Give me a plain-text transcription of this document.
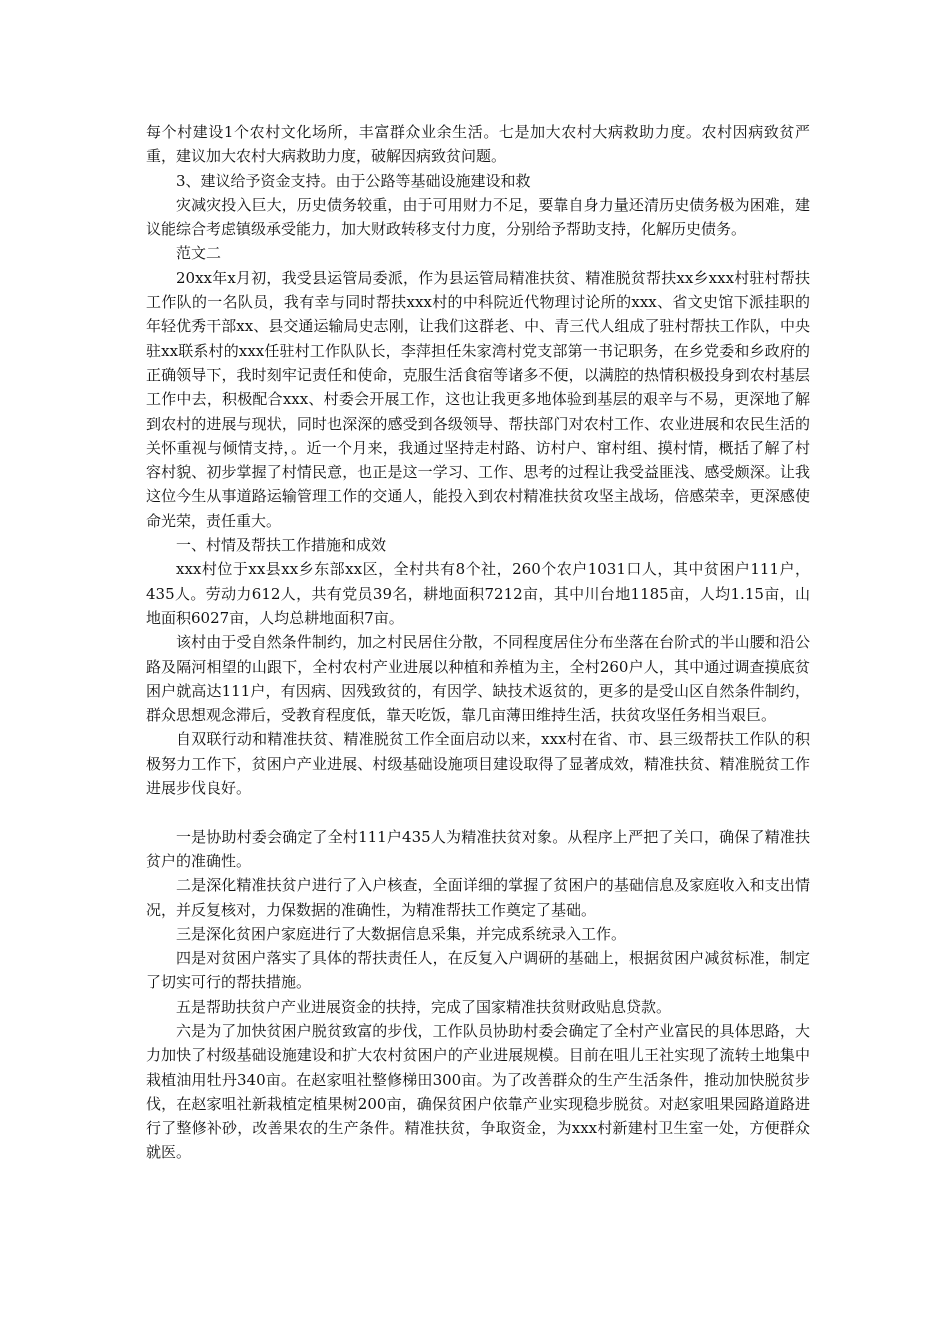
每个村建设1个农村文化场所，丰富群众业余生活。七是加大农村大病救助力度。农村因病致贫严重，建议加大农村大病救助力度，破解因病致贫问题。

3、建议给予资金支持。由于公路等基础设施建设和救

灾减灾投入巨大，历史债务较重，由于可用财力不足，要靠自身力量还清历史债务极为困难，建议能综合考虑镇级承受能力，加大财政转移支付力度，分别给予帮助支持，化解历史债务。

范文二

20xx年x月初，我受县运管局委派，作为县运管局精准扶贫、精准脱贫帮扶xx乡xxx村驻村帮扶工作队的一名队员，我有幸与同时帮扶xxx村的中科院近代物理讨论所的xxx、省文史馆下派挂职的年轻优秀干部xx、县交通运输局史志刚，让我们这群老、中、青三代人组成了驻村帮扶工作队，中央驻xx联系村的xxx任驻村工作队队长，李萍担任朱家湾村党支部第一书记职务，在乡党委和乡政府的正确领导下，我时刻牢记责任和使命，克服生活食宿等诸多不便，以满腔的热情积极投身到农村基层工作中去，积极配合xxx、村委会开展工作，这也让我更多地体验到基层的艰辛与不易，更深地了解到农村的进展与现状，同时也深深的感受到各级领导、帮扶部门对农村工作、农业进展和农民生活的关怀重视与倾情支持，。近一个月来，我通过坚持走村路、访村户、窜村组、摸村情，概括了解了村容村貌、初步掌握了村情民意，也正是这一学习、工作、思考的过程让我受益匪浅、感受颇深。让我这位今生从事道路运输管理工作的交通人，能投入到农村精准扶贫攻坚主战场，倍感荣幸，更深感使命光荣，责任重大。

一、村情及帮扶工作措施和成效

xxx村位于xx县xx乡东部xx区，全村共有8个社，260个农户1031口人，其中贫困户111户，435人。劳动力612人，共有党员39名，耕地面积7212亩，其中川台地1185亩，人均1.15亩，山地面积6027亩，人均总耕地面积7亩。

该村由于受自然条件制约，加之村民居住分散，不同程度居住分布坐落在台阶式的半山腰和沿公路及隔河相望的山跟下，全村农村产业进展以种植和养植为主，全村260户人，其中通过调查摸底贫困户就高达111户，有因病、因残致贫的，有因学、缺技术返贫的，更多的是受山区自然条件制约，群众思想观念滞后，受教育程度低，靠天吃饭，靠几亩薄田维持生活，扶贫攻坚任务相当艰巨。

自双联行动和精准扶贫、精准脱贫工作全面启动以来，xxx村在省、市、县三级帮扶工作队的积极努力工作下，贫困户产业进展、村级基础设施项目建设取得了显著成效，精准扶贫、精准脱贫工作进展步伐良好。

一是协助村委会确定了全村111户435人为精准扶贫对象。从程序上严把了关口，确保了精准扶贫户的准确性。

二是深化精准扶贫户进行了入户核查，全面详细的掌握了贫困户的基础信息及家庭收入和支出情况，并反复核对，力保数据的准确性，为精准帮扶工作奠定了基础。

三是深化贫困户家庭进行了大数据信息采集，并完成系统录入工作。

四是对贫困户落实了具体的帮扶责任人，在反复入户调研的基础上，根据贫困户减贫标准，制定了切实可行的帮扶措施。

五是帮助扶贫户产业进展资金的扶持，完成了国家精准扶贫财政贴息贷款。

六是为了加快贫困户脱贫致富的步伐，工作队员协助村委会确定了全村产业富民的具体思路，大力加快了村级基础设施建设和扩大农村贫困户的产业进展规模。目前在咀儿王社实现了流转土地集中栽植油用牡丹340亩。在赵家咀社整修梯田300亩。为了改善群众的生产生活条件，推动加快脱贫步伐，在赵家咀社新栽植定植果树200亩，确保贫困户依靠产业实现稳步脱贫。对赵家咀果园路道路进行了整修补砂，改善果农的生产条件。精准扶贫，争取资金，为xxx村新建村卫生室一处，方便群众就医。
